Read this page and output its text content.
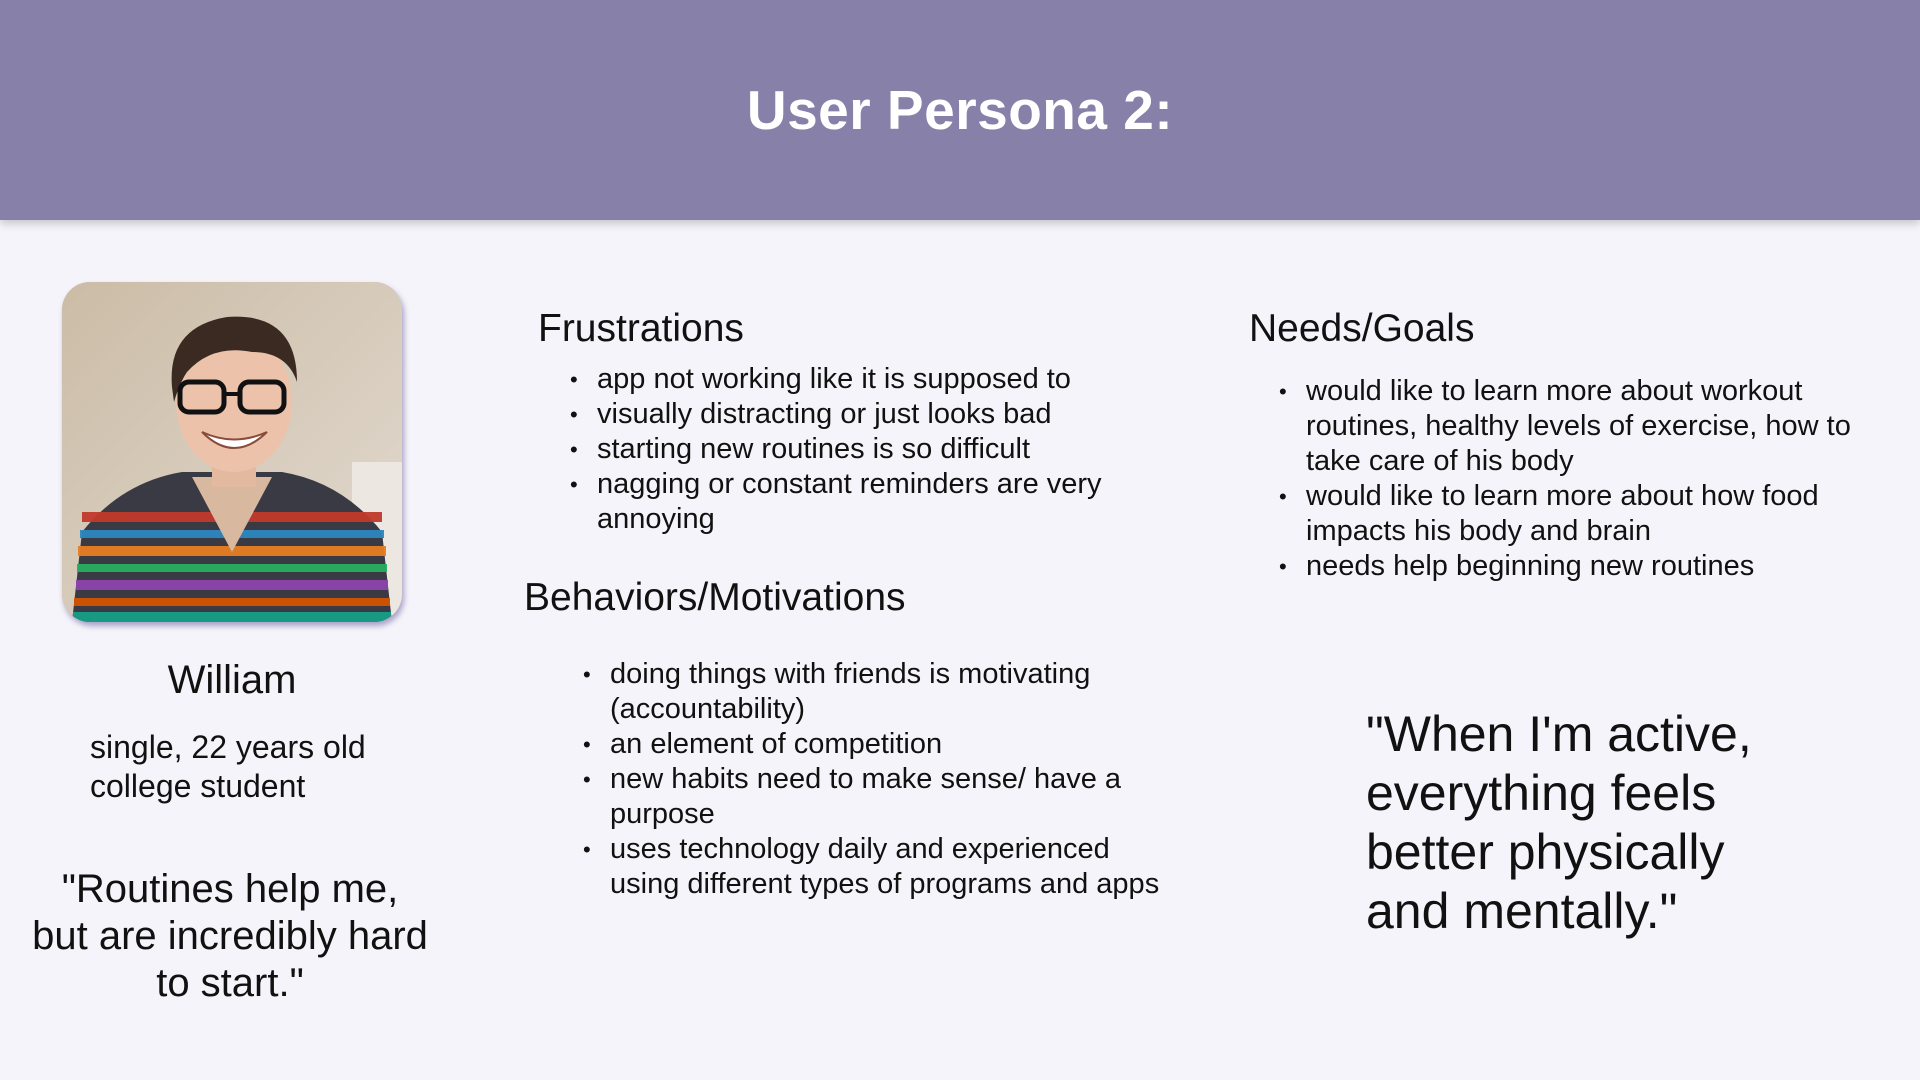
User Persona 2:
William
single, 22 years old
college student
"Routines help me, but are incredibly hard to start."
Frustrations
• app not working like it is supposed to
• visually distracting or just looks bad
• starting new routines is so difficult
• nagging or constant reminders are very annoying
Behaviors/Motivations
• doing things with friends is motivating (accountability)
• an element of competition
• new habits need to make sense/ have a purpose
• uses technology daily and experienced using different types of programs and apps
Needs/Goals
• would like to learn more about workout routines, healthy levels of exercise, how to take care of his body
• would like to learn more about how food impacts his body and brain
• needs help beginning new routines
"When I'm active, everything feels better physically and mentally."
